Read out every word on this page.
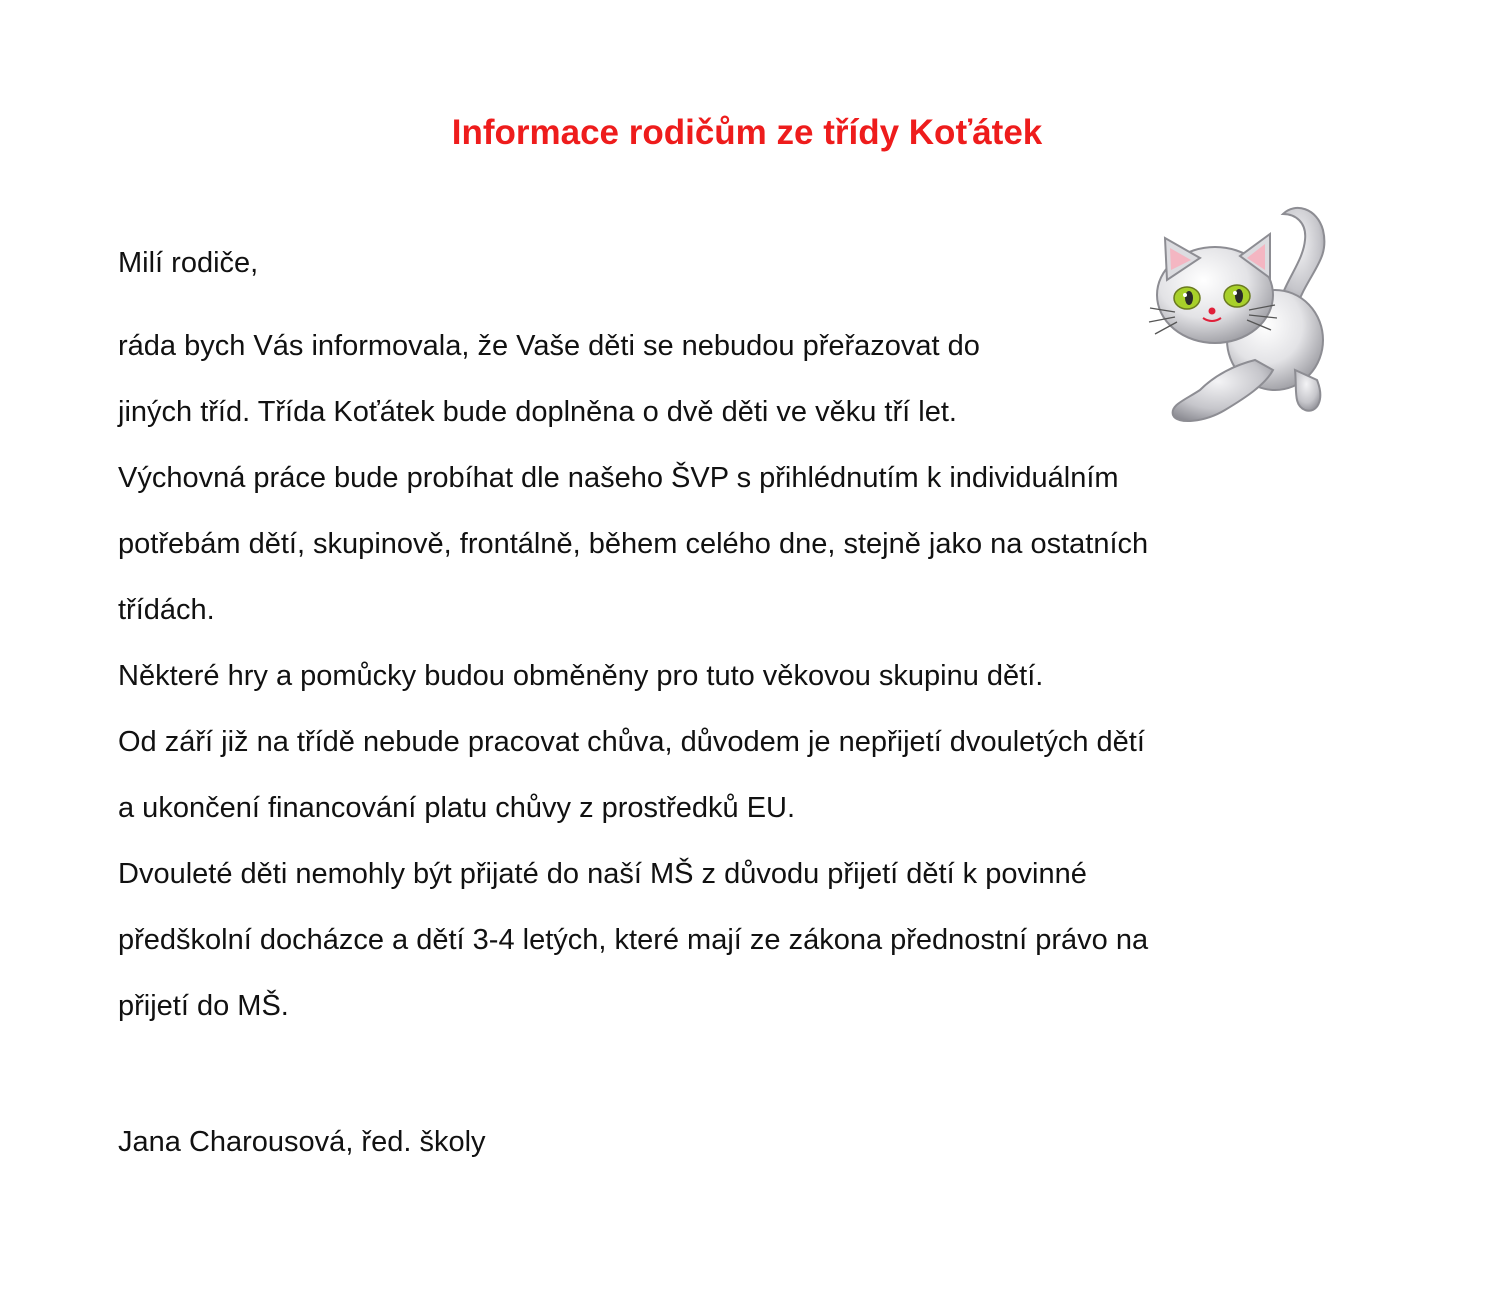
Informace rodičům ze třídy Koťátek

Milí rodiče,

ráda bych Vás informovala, že Vaše děti se nebudou přeřazovat do

jiných tříd. Třída Koťátek bude doplněna o dvě děti ve věku tří let.

Výchovná práce bude probíhat dle našeho ŠVP s přihlédnutím k individuálním

potřebám dětí, skupinově, frontálně, během celého dne, stejně jako na ostatních

třídách.

Některé hry a pomůcky budou obměněny pro tuto věkovou skupinu dětí.

Od září již na třídě nebude pracovat chůva, důvodem je nepřijetí dvouletých dětí

a ukončení financování platu chůvy z prostředků EU.

Dvouleté děti nemohly být přijaté do naší MŠ z důvodu přijetí dětí k povinné

předškolní docházce a dětí 3-4 letých, které mají ze zákona přednostní právo na

přijetí do MŠ.

Jana Charousová, řed. školy
